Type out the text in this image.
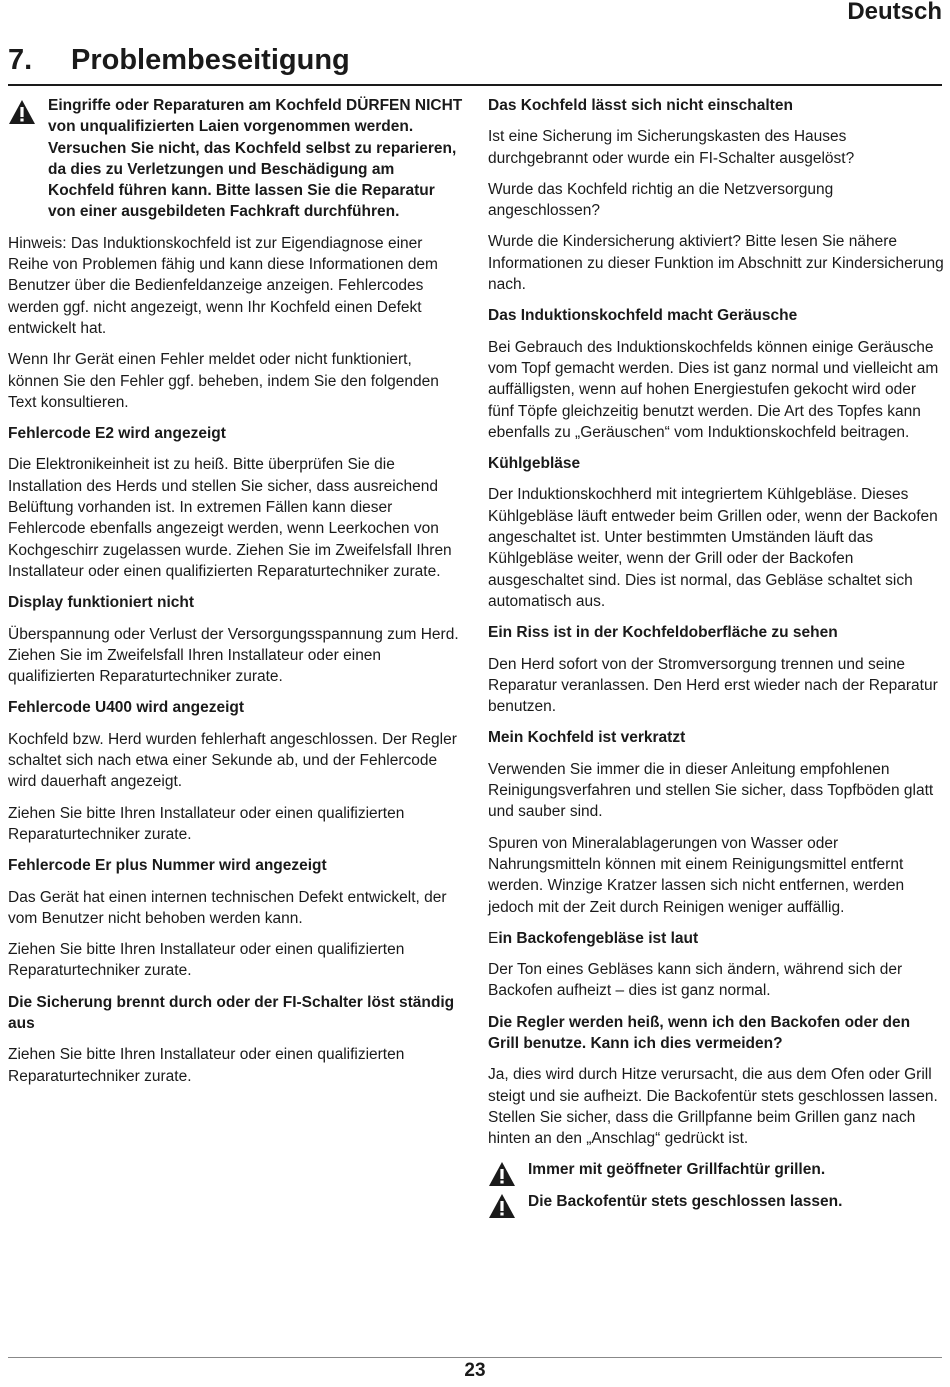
Deutsch

7. Problembeseitigung

Eingriffe oder Reparaturen am Kochfeld DÜRFEN NICHT von unqualifizierten Laien vorgenommen werden. Versuchen Sie nicht, das Kochfeld selbst zu reparieren, da dies zu Verletzungen und Beschädigung am Kochfeld führen kann. Bitte lassen Sie die Reparatur von einer ausgebildeten Fachkraft durchführen.

Hinweis: Das Induktionskochfeld ist zur Eigendiagnose einer Reihe von Problemen fähig und kann diese Informationen dem Benutzer über die Bedienfeldanzeige anzeigen. Fehlercodes werden ggf. nicht angezeigt, wenn Ihr Kochfeld einen Defekt entwickelt hat.

Wenn Ihr Gerät einen Fehler meldet oder nicht funktioniert, können Sie den Fehler ggf. beheben, indem Sie den folgenden Text konsultieren.

Fehlercode E2 wird angezeigt

Die Elektronikeinheit ist zu heiß. Bitte überprüfen Sie die Installation des Herds und stellen Sie sicher, dass ausreichend Belüftung vorhanden ist. In extremen Fällen kann dieser Fehlercode ebenfalls angezeigt werden, wenn Leerkochen von Kochgeschirr zugelassen wurde. Ziehen Sie im Zweifelsfall Ihren Installateur oder einen qualifizierten Reparaturtechniker zurate.

Display funktioniert nicht

Überspannung oder Verlust der Versorgungsspannung zum Herd. Ziehen Sie im Zweifelsfall Ihren Installateur oder einen qualifizierten Reparaturtechniker zurate.

Fehlercode U400 wird angezeigt

Kochfeld bzw. Herd wurden fehlerhaft angeschlossen. Der Regler schaltet sich nach etwa einer Sekunde ab, und der Fehlercode wird dauerhaft angezeigt.

Ziehen Sie bitte Ihren Installateur oder einen qualifizierten Reparaturtechniker zurate.

Fehlercode Er plus Nummer wird angezeigt

Das Gerät hat einen internen technischen Defekt entwickelt, der vom Benutzer nicht behoben werden kann.

Ziehen Sie bitte Ihren Installateur oder einen qualifizierten Reparaturtechniker zurate.

Die Sicherung brennt durch oder der FI-Schalter löst ständig aus

Ziehen Sie bitte Ihren Installateur oder einen qualifizierten Reparaturtechniker zurate.

Das Kochfeld lässt sich nicht einschalten

Ist eine Sicherung im Sicherungskasten des Hauses durchgebrannt oder wurde ein FI-Schalter ausgelöst?

Wurde das Kochfeld richtig an die Netzversorgung angeschlossen?

Wurde die Kindersicherung aktiviert? Bitte lesen Sie nähere Informationen zu dieser Funktion im Abschnitt zur Kindersicherung nach.

Das Induktionskochfeld macht Geräusche

Bei Gebrauch des Induktionskochfelds können einige Geräusche vom Topf gemacht werden. Dies ist ganz normal und vielleicht am auffälligsten, wenn auf hohen Energiestufen gekocht wird oder fünf Töpfe gleichzeitig benutzt werden. Die Art des Topfes kann ebenfalls zu „Geräuschen“ vom Induktionskochfeld beitragen.

Kühlgebläse

Der Induktionskochherd mit integriertem Kühlgebläse. Dieses Kühlgebläse läuft entweder beim Grillen oder, wenn der Backofen angeschaltet ist. Unter bestimmten Umständen läuft das Kühlgebläse weiter, wenn der Grill oder der Backofen ausgeschaltet sind. Dies ist normal, das Gebläse schaltet sich automatisch aus.

Ein Riss ist in der Kochfeldoberfläche zu sehen

Den Herd sofort von der Stromversorgung trennen und seine Reparatur veranlassen. Den Herd erst wieder nach der Reparatur benutzen.

Mein Kochfeld ist verkratzt

Verwenden Sie immer die in dieser Anleitung empfohlenen Reinigungsverfahren und stellen Sie sicher, dass Topfböden glatt und sauber sind.

Spuren von Mineralablagerungen von Wasser oder Nahrungsmitteln können mit einem Reinigungsmittel entfernt werden. Winzige Kratzer lassen sich nicht entfernen, werden jedoch mit der Zeit durch Reinigen weniger auffällig.

Ein Backofengebläse ist laut

Der Ton eines Gebläses kann sich ändern, während sich der Backofen aufheizt – dies ist ganz normal.

Die Regler werden heiß, wenn ich den Backofen oder den Grill benutze. Kann ich dies vermeiden?

Ja, dies wird durch Hitze verursacht, die aus dem Ofen oder Grill steigt und sie aufheizt. Die Backofentür stets geschlossen lassen. Stellen Sie sicher, dass die Grillpfanne beim Grillen ganz nach hinten an den „Anschlag“ gedrückt ist.

Immer mit geöffneter Grillfachtür grillen.

Die Backofentür stets geschlossen lassen.

23
